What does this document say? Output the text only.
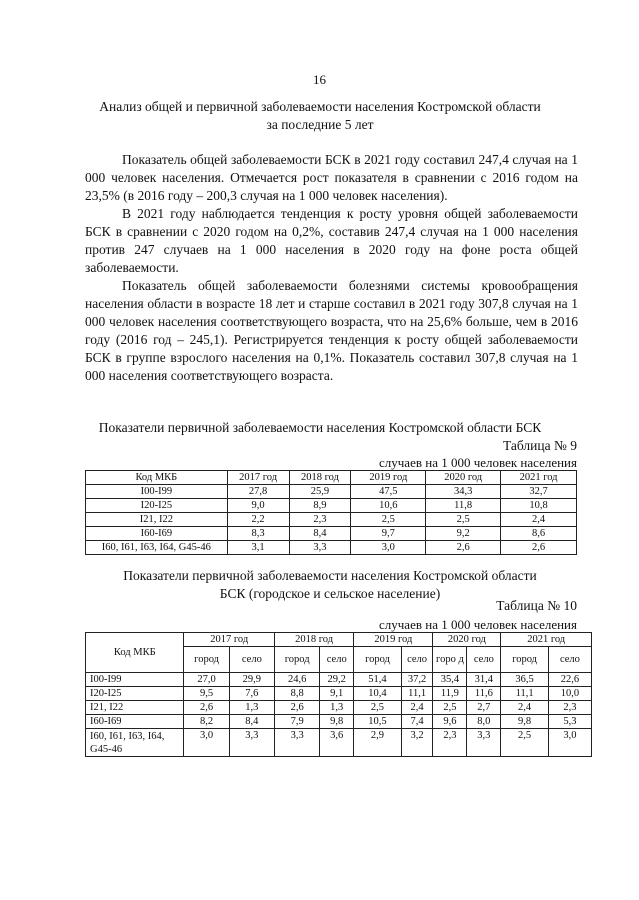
16
Анализ общей и первичной заболеваемости населения Костромской области
за последние 5 лет

Показатель общей заболеваемости БСК в 2021 году составил 247,4 случая на 1 000 человек населения. Отмечается рост показателя в сравнении с 2016 годом на 23,5% (в 2016 году – 200,3 случая на 1 000 человек населения).

В 2021 году наблюдается тенденция к росту уровня общей заболеваемости БСК в сравнении с 2020 годом на 0,2%, составив 247,4 случая на 1 000 населения против 247 случаев на 1 000 населения в 2020 году на фоне роста общей заболеваемости.

Показатель общей заболеваемости болезнями системы кровообращения населения области в возрасте 18 лет и старше составил в 2021 году 307,8 случая на 1 000 человек населения соответствующего возраста, что на 25,6% больше, чем в 2016 году (2016 год – 245,1). Регистрируется тенденция к росту общей заболеваемости БСК в группе взрослого населения на 0,1%. Показатель составил 307,8 случая на 1 000 населения соответствующего возраста.

Показатели первичной заболеваемости населения Костромской области БСК
Таблица № 9
случаев на 1 000 человек населения
Код МКБ	2017 год	2018 год	2019 год	2020 год	2021 год
I00-I99	27,8	25,9	47,5	34,3	32,7
I20-I25	9,0	8,9	10,6	11,8	10,8
I21, I22	2,2	2,3	2,5	2,5	2,4
I60-I69	8,3	8,4	9,7	9,2	8,6
I60, I61, I63, I64, G45-46	3,1	3,3	3,0	2,6	2,6
Показатели первичной заболеваемости населения Костромской области
БСК (городское и сельское население)
Таблица № 10
случаев на 1 000 человек населения
Код МКБ	2017 год		2018 год		2019 год		2020 год		2021 год	
	город	село	город	село	город	село	горо д	село	город	село
I00-I99	27,0	29,9	24,6	29,2	51,4	37,2	35,4	31,4	36,5	22,6
I20-I25	9,5	7,6	8,8	9,1	10,4	11,1	11,9	11,6	11,1	10,0
I21, I22	2,6	1,3	2,6	1,3	2,5	2,4	2,5	2,7	2,4	2,3
I60-I69	8,2	8,4	7,9	9,8	10,5	7,4	9,6	8,0	9,8	5,3
I60, I61, I63, I64, G45-46	3,0	3,3	3,3	3,6	2,9	3,2	2,3	3,3	2,5	3,0
